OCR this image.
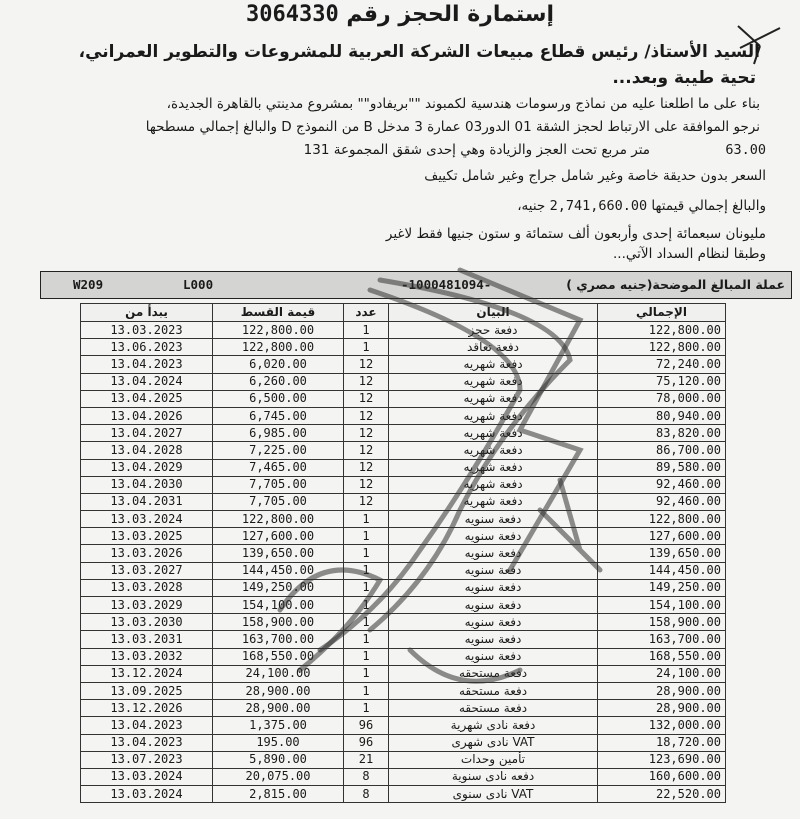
إستمارة الحجز رقم 3064330
السيد الأستاذ/ رئيس قطاع مبيعات الشركة العربية للمشروعات والتطوير العمراني،
تحية طيبة وبعد...
بناء على ما اطلعنا عليه من نماذج ورسومات هندسية لكمبوند ""بريفادو"" بمشروع مدينتي بالقاهرة الجديدة،
نرجو الموافقة على الارتباط لحجز الشقة 01 الدور03 عمارة 3 مدخل B من النموذج D والبالغ إجمالي مسطحها
متر مربع تحت العجز والزيادة وهي إحدى شقق المجموعة 131	63.00
السعر بدون حديقة خاصة وغير شامل جراج وغير شامل تكييف
والبالغ إجمالي قيمتها 2,741,660.00 جنيه،
مليونان سبعمائة إحدى وأربعون ألف ستمائة و ستون جنيها فقط لاغير
وطبقا لنظام السداد الآتي...
عملة المبالغ الموضحة(جنيه مصري )
-1000481094-
L000
W209
يبدأ من	قيمة القسط	عدد	البيان	الإجمالي
13.03.2023	122,800.00	1	دفعة حجز	122,800.00
13.06.2023	122,800.00	1	دفعة تعاقد	122,800.00
13.04.2023	6,020.00	12	دفعة شهريه	72,240.00
13.04.2024	6,260.00	12	دفعة شهريه	75,120.00
13.04.2025	6,500.00	12	دفعة شهريه	78,000.00
13.04.2026	6,745.00	12	دفعة شهريه	80,940.00
13.04.2027	6,985.00	12	دفعة شهريه	83,820.00
13.04.2028	7,225.00	12	دفعة شهريه	86,700.00
13.04.2029	7,465.00	12	دفعة شهريه	89,580.00
13.04.2030	7,705.00	12	دفعة شهريه	92,460.00
13.04.2031	7,705.00	12	دفعة شهريه	92,460.00
13.03.2024	122,800.00	1	دفعة سنويه	122,800.00
13.03.2025	127,600.00	1	دفعة سنويه	127,600.00
13.03.2026	139,650.00	1	دفعة سنويه	139,650.00
13.03.2027	144,450.00	1	دفعة سنويه	144,450.00
13.03.2028	149,250.00	1	دفعة سنويه	149,250.00
13.03.2029	154,100.00	1	دفعة سنويه	154,100.00
13.03.2030	158,900.00	1	دفعة سنويه	158,900.00
13.03.2031	163,700.00	1	دفعة سنويه	163,700.00
13.03.2032	168,550.00	1	دفعة سنويه	168,550.00
13.12.2024	24,100.00	1	دفعة مستحقه	24,100.00
13.09.2025	28,900.00	1	دفعة مستحقه	28,900.00
13.12.2026	28,900.00	1	دفعة مستحقه	28,900.00
13.04.2023	1,375.00	96	دفعة نادى شهرية	132,000.00
13.04.2023	195.00	96	VAT نادى شهرى	18,720.00
13.07.2023	5,890.00	21	تأمين وحدات	123,690.00
13.03.2024	20,075.00	8	دفعه نادى سنوية	160,600.00
13.03.2024	2,815.00	8	VAT نادى سنوى	22,520.00
